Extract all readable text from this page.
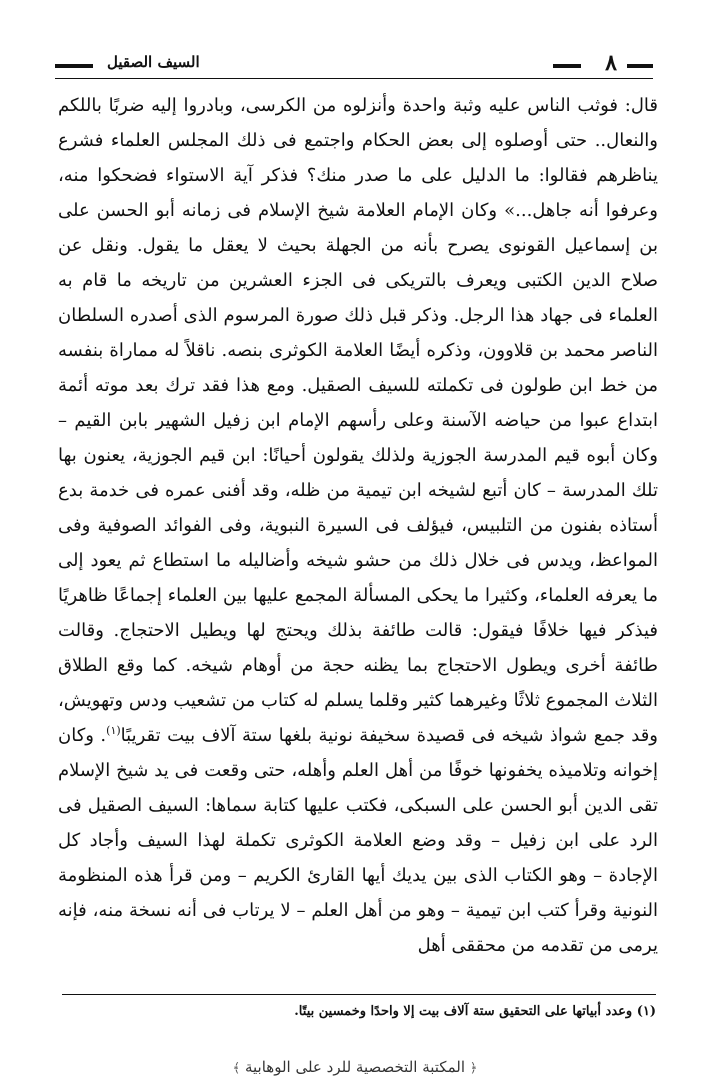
٨
السيف الصقيل

قال: فوثب الناس عليه وثبة واحدة وأنزلوه من الكرسى، وبادروا إليه ضربًا باللكم والنعال.. حتى أوصلوه إلى بعض الحكام واجتمع فى ذلك المجلس العلماء فشرع يناظرهم فقالوا: ما الدليل على ما صدر منك؟ فذكر آية الاستواء فضحكوا منه، وعرفوا أنه جاهل...» وكان الإمام العلامة شيخ الإسلام فى زمانه أبو الحسن على بن إسماعيل القونوى يصرح بأنه من الجهلة بحيث لا يعقل ما يقول. ونقل عن صلاح الدين الكتبى ويعرف بالتريكى فى الجزء العشرين من تاريخه ما قام به العلماء فى جهاد هذا الرجل. وذكر قبل ذلك صورة المرسوم الذى أصدره السلطان الناصر محمد بن قلاوون، وذكره أيضًا العلامة الكوثرى بنصه. ناقلاً له مماراة بنفسه من خط ابن طولون فى تكملته للسيف الصقيل. ومع هذا فقد ترك بعد موته أئمة ابتداع عبوا من حياضه الآسنة وعلى رأسهم الإمام ابن زفيل الشهير بابن القيم – وكان أبوه قيم المدرسة الجوزية ولذلك يقولون أحيانًا: ابن قيم الجوزية، يعنون بها تلك المدرسة – كان أتبع لشيخه ابن تيمية من ظله، وقد أفنى عمره فى خدمة بدع أستاذه بفنون من التلبيس، فيؤلف فى السيرة النبوية، وفى الفوائد الصوفية وفى المواعظ، ويدس فى خلال ذلك من حشو شيخه وأضاليله ما استطاع ثم يعود إلى ما يعرفه العلماء، وكثيرا ما يحكى المسألة المجمع عليها بين العلماء إجماعًا ظاهريًا فيذكر فيها خلافًا فيقول: قالت طائفة بذلك ويحتج لها ويطيل الاحتجاج. وقالت طائفة أخرى ويطول الاحتجاج بما يظنه حجة من أوهام شيخه. كما وقع الطلاق الثلاث المجموع ثلاثًا وغيرهما كثير وقلما يسلم له كتاب من تشعيب ودس وتهويش، وقد جمع شواذ شيخه فى قصيدة سخيفة نونية بلغها ستة آلاف بيت تقريبًا$^{(١)}$. وكان إخوانه وتلاميذه يخفونها خوفًا من أهل العلم وأهله، حتى وقعت فى يد شيخ الإسلام تقى الدين أبو الحسن على السبكى، فكتب عليها كتابة سماها: السيف الصقيل فى الرد على ابن زفيل – وقد وضع العلامة الكوثرى تكملة لهذا السيف وأجاد كل الإجادة – وهو الكتاب الذى بين يديك أيها القارئ الكريم – ومن قرأ هذه المنظومة النونية وقرأ كتب ابن تيمية – وهو من أهل العلم – لا يرتاب فى أنه نسخة منه، فإنه يرمى من تقدمه من محققى أهل

(١) وعدد أبياتها على التحقيق ستة آلاف بيت إلا واحدًا وخمسين بيتًا.
﴿ المكتبة التخصصية للرد على الوهابية ﴾
